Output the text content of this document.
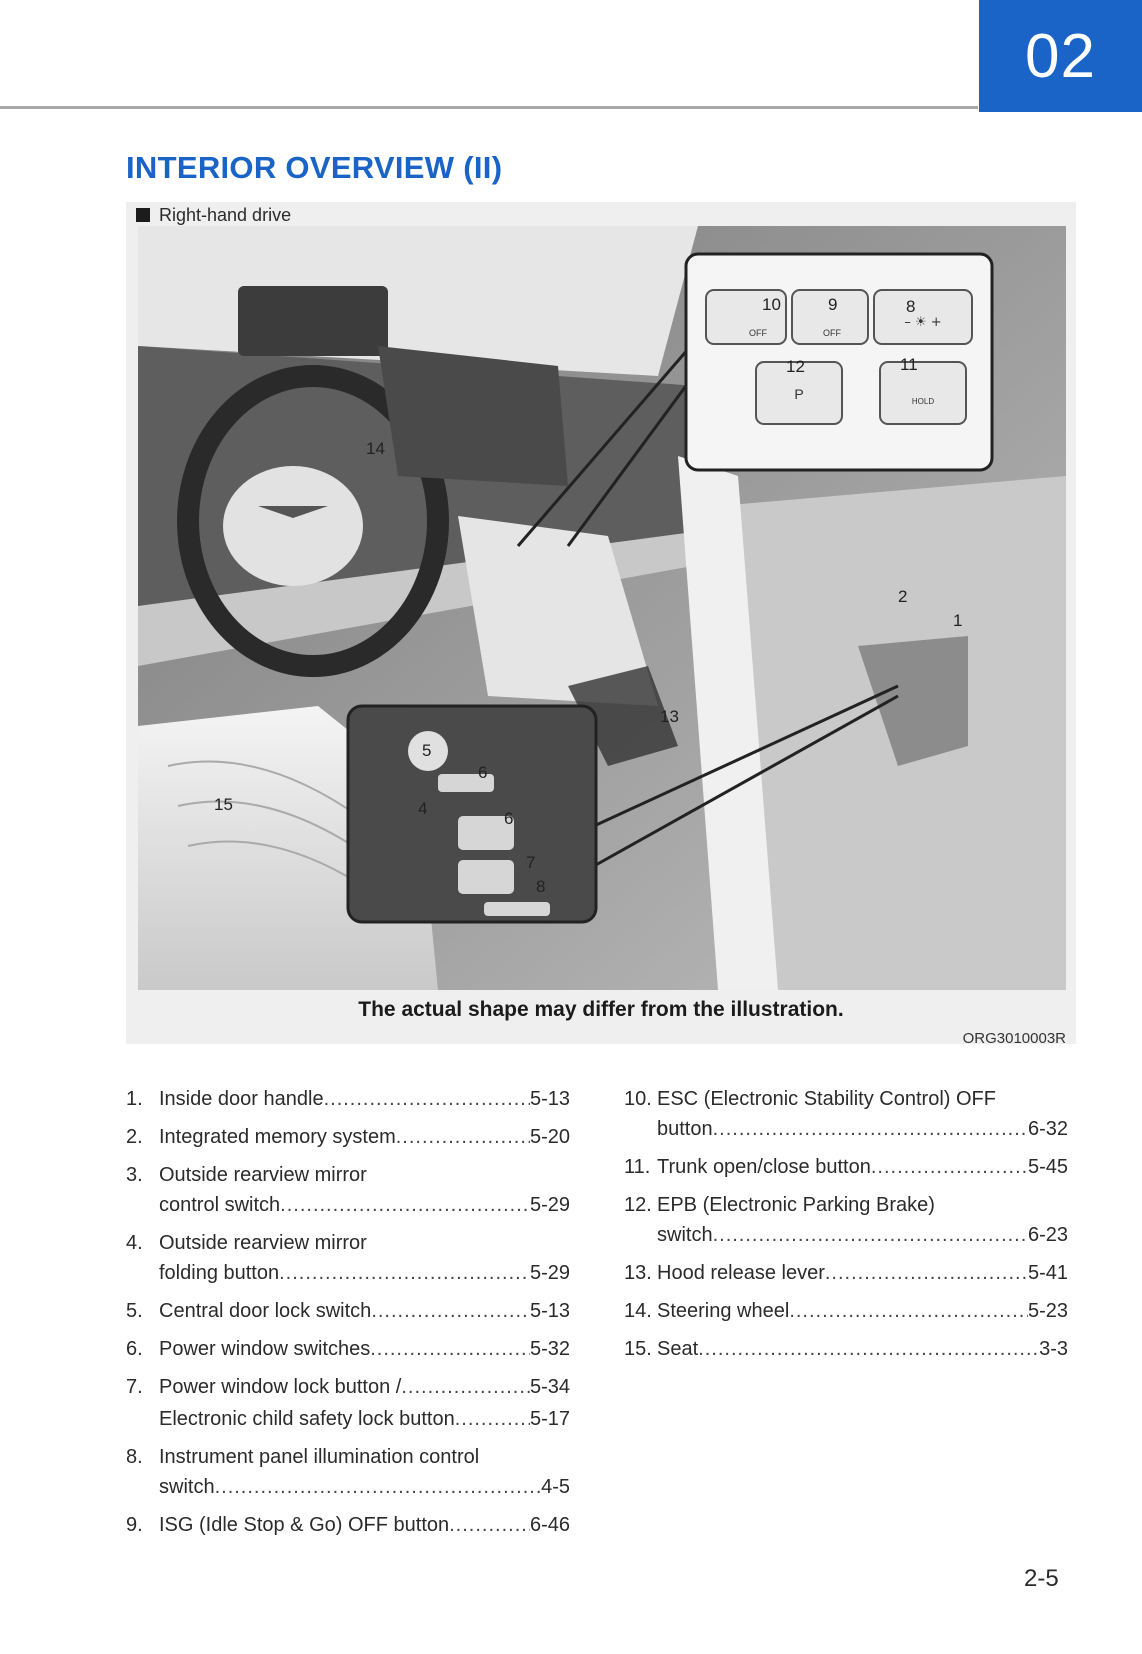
02
INTERIOR OVERVIEW (II)
Right-hand drive
OFF	OFF
– ☀ +
P	HOLD
10	9	8
12	11
5
6
4
6
7
8
1
2
13
14
15
The actual shape may differ from the illustration.
ORG3010003R
1. Inside door handle .....	5-13
2. Integrated memory system .....	5-20
3. Outside rearview mirror
control switch .....	5-29
4. Outside rearview mirror
folding button .....	5-29
5. Central door lock switch .....	5-13
6. Power window switches .....	5-32
7. Power window lock button / .....	5-34
Electronic child safety lock button .....	5-17
8. Instrument panel illumination control
switch .....	4-5
9. ISG (Idle Stop & Go) OFF button .....	6-46
10. ESC (Electronic Stability Control) OFF
button .....	6-32
11. Trunk open/close button .....	5-45
12. EPB (Electronic Parking Brake)
switch .....	6-23
13. Hood release lever .....	5-41
14. Steering wheel .....	5-23
15. Seat .....	3-3
2-5
